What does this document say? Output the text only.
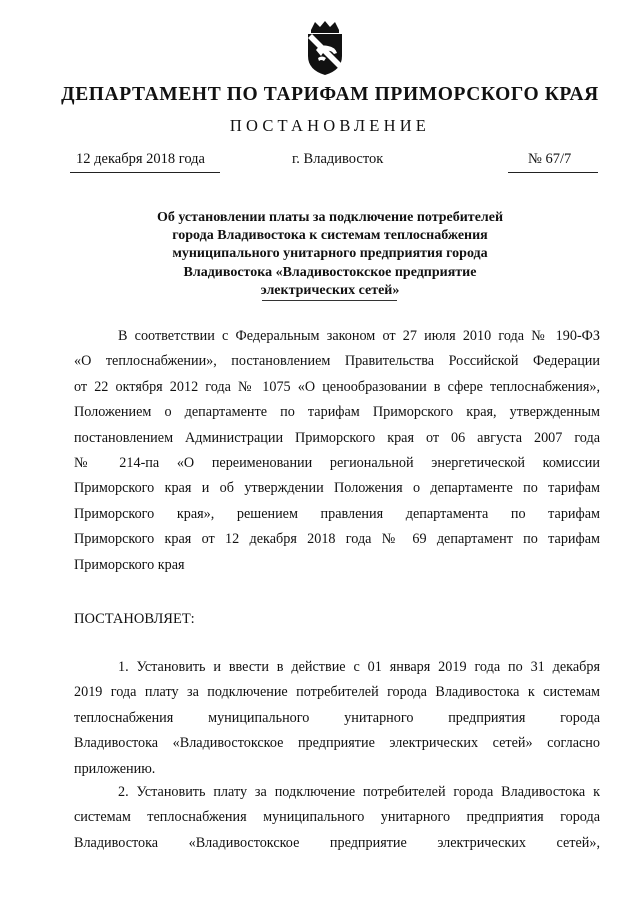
ДЕПАРТАМЕНТ ПО ТАРИФАМ ПРИМОРСКОГО КРАЯ
ПОСТАНОВЛЕНИЕ
12 декабря 2018 года	г. Владивосток	№ 67/7
Об установлении платы за подключение потребителей
города Владивостока к системам теплоснабжения
муниципального унитарного предприятия города
Владивостока «Владивостокское предприятие
электрических сетей»
В соответствии с Федеральным законом от 27 июля 2010 года № 190-ФЗ
«О теплоснабжении», постановлением Правительства Российской Федерации
от 22 октября 2012 года № 1075 «О ценообразовании в сфере теплоснабжения»,
Положением о департаменте по тарифам Приморского края, утвержденным
постановлением Администрации Приморского края от 06 августа 2007 года
№ 214-па «О переименовании региональной энергетической комиссии
Приморского края и об утверждении Положения о департаменте по тарифам
Приморского края», решением правления департамента по тарифам
Приморского края от 12 декабря 2018 года № 69 департамент по тарифам
Приморского края
ПОСТАНОВЛЯЕТ:
1. Установить и ввести в действие с 01 января 2019 года по 31 декабря
2019 года плату за подключение потребителей города Владивостока к системам
теплоснабжения муниципального унитарного предприятия города
Владивостока «Владивостокское предприятие электрических сетей» согласно
приложению.
2. Установить плату за подключение потребителей города Владивостока к
системам теплоснабжения муниципального унитарного предприятия города
Владивостока «Владивостокское предприятие электрических сетей»,
